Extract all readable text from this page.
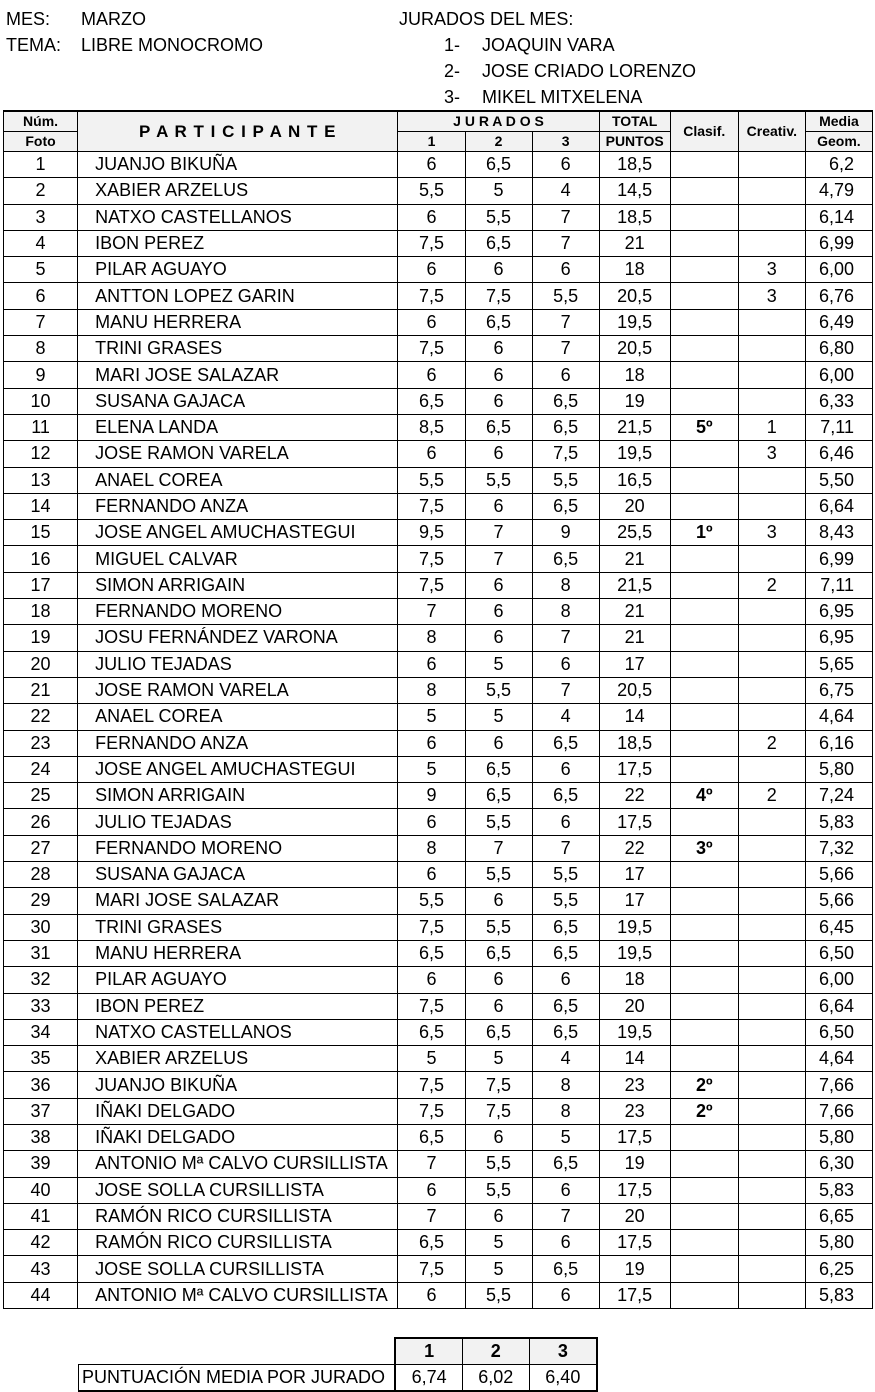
MES: MARZO
TEMA: LIBRE MONOCROMO
JURADOS DEL MES:
1- JOAQUIN VARA
2- JOSE CRIADO LORENZO
3- MIKEL MITXELENA
Núm.	P A R T I C I P A N T E	J U R A D O S			TOTAL	Clasif.	Creativ.	Media
Foto		1	2	3	PUNTOS			Geom.
1	JUANJO BIKUÑA	6	6,5	6	18,5			6,2
2	XABIER ARZELUS	5,5	5	4	14,5			4,79
3	NATXO CASTELLANOS	6	5,5	7	18,5			6,14
4	IBON PEREZ	7,5	6,5	7	21			6,99
5	PILAR AGUAYO	6	6	6	18		3	6,00
6	ANTTON LOPEZ GARIN	7,5	7,5	5,5	20,5		3	6,76
7	MANU HERRERA	6	6,5	7	19,5			6,49
8	TRINI GRASES	7,5	6	7	20,5			6,80
9	MARI JOSE SALAZAR	6	6	6	18			6,00
10	SUSANA GAJACA	6,5	6	6,5	19			6,33
11	ELENA LANDA	8,5	6,5	6,5	21,5	5º	1	7,11
12	JOSE RAMON VARELA	6	6	7,5	19,5		3	6,46
13	ANAEL COREA	5,5	5,5	5,5	16,5			5,50
14	FERNANDO ANZA	7,5	6	6,5	20			6,64
15	JOSE ANGEL AMUCHASTEGUI	9,5	7	9	25,5	1º	3	8,43
16	MIGUEL CALVAR	7,5	7	6,5	21			6,99
17	SIMON ARRIGAIN	7,5	6	8	21,5		2	7,11
18	FERNANDO MORENO	7	6	8	21			6,95
19	JOSU FERNÁNDEZ VARONA	8	6	7	21			6,95
20	JULIO TEJADAS	6	5	6	17			5,65
21	JOSE RAMON VARELA	8	5,5	7	20,5			6,75
22	ANAEL COREA	5	5	4	14			4,64
23	FERNANDO ANZA	6	6	6,5	18,5		2	6,16
24	JOSE ANGEL AMUCHASTEGUI	5	6,5	6	17,5			5,80
25	SIMON ARRIGAIN	9	6,5	6,5	22	4º	2	7,24
26	JULIO TEJADAS	6	5,5	6	17,5			5,83
27	FERNANDO MORENO	8	7	7	22	3º		7,32
28	SUSANA GAJACA	6	5,5	5,5	17			5,66
29	MARI JOSE SALAZAR	5,5	6	5,5	17			5,66
30	TRINI GRASES	7,5	5,5	6,5	19,5			6,45
31	MANU HERRERA	6,5	6,5	6,5	19,5			6,50
32	PILAR AGUAYO	6	6	6	18			6,00
33	IBON PEREZ	7,5	6	6,5	20			6,64
34	NATXO CASTELLANOS	6,5	6,5	6,5	19,5			6,50
35	XABIER ARZELUS	5	5	4	14			4,64
36	JUANJO BIKUÑA	7,5	7,5	8	23	2º		7,66
37	IÑAKI DELGADO	7,5	7,5	8	23	2º		7,66
38	IÑAKI DELGADO	6,5	6	5	17,5			5,80
39	ANTONIO Mª CALVO CURSILLISTA	7	5,5	6,5	19			6,30
40	JOSE SOLLA CURSILLISTA	6	5,5	6	17,5			5,83
41	RAMÓN RICO CURSILLISTA	7	6	7	20			6,65
42	RAMÓN RICO CURSILLISTA	6,5	5	6	17,5			5,80
43	JOSE SOLLA CURSILLISTA	7,5	5	6,5	19			6,25
44	ANTONIO Mª CALVO CURSILLISTA	6	5,5	6	17,5			5,83
	1	2	3
PUNTUACIÓN MEDIA POR JURADO	6,74	6,02	6,40
